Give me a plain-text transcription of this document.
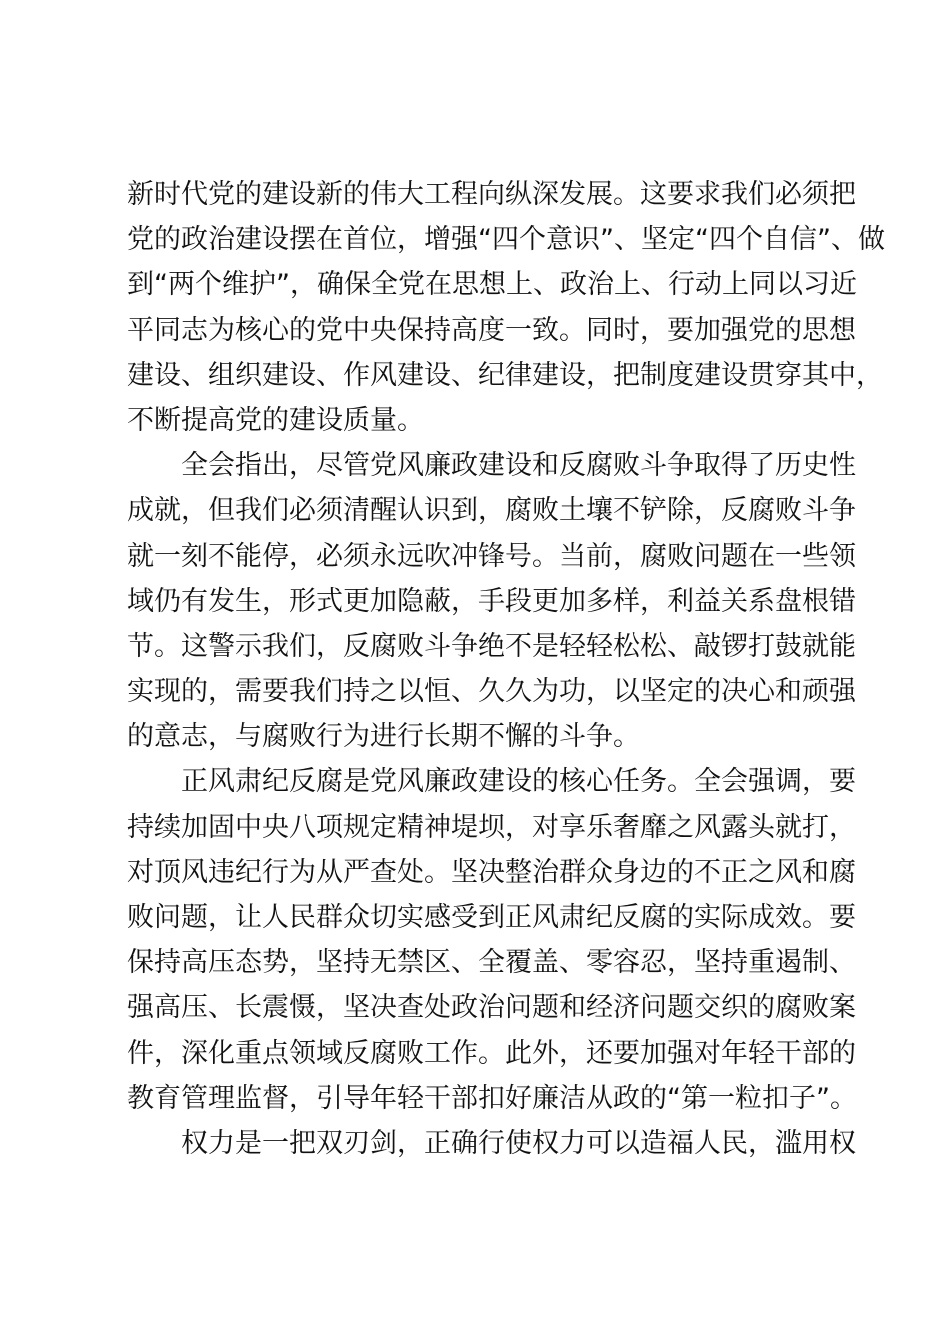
新时代党的建设新的伟大工程向纵深发展。这要求我们必须把
党的政治建设摆在首位，增强“四个意识”、坚定“四个自信”、做
到“两个维护”，确保全党在思想上、政治上、行动上同以习近
平同志为核心的党中央保持高度一致。同时，要加强党的思想
建设、组织建设、作风建设、纪律建设，把制度建设贯穿其中，
不断提高党的建设质量。
全会指出，尽管党风廉政建设和反腐败斗争取得了历史性
成就，但我们必须清醒认识到，腐败土壤不铲除，反腐败斗争
就一刻不能停，必须永远吹冲锋号。当前，腐败问题在一些领
域仍有发生，形式更加隐蔽，手段更加多样，利益关系盘根错
节。这警示我们，反腐败斗争绝不是轻轻松松、敲锣打鼓就能
实现的，需要我们持之以恒、久久为功，以坚定的决心和顽强
的意志，与腐败行为进行长期不懈的斗争。
正风肃纪反腐是党风廉政建设的核心任务。全会强调，要
持续加固中央八项规定精神堤坝，对享乐奢靡之风露头就打，
对顶风违纪行为从严查处。坚决整治群众身边的不正之风和腐
败问题，让人民群众切实感受到正风肃纪反腐的实际成效。要
保持高压态势，坚持无禁区、全覆盖、零容忍，坚持重遏制、
强高压、长震慑，坚决查处政治问题和经济问题交织的腐败案
件，深化重点领域反腐败工作。此外，还要加强对年轻干部的
教育管理监督，引导年轻干部扣好廉洁从政的“第一粒扣子”。
权力是一把双刃剑，正确行使权力可以造福人民，滥用权
